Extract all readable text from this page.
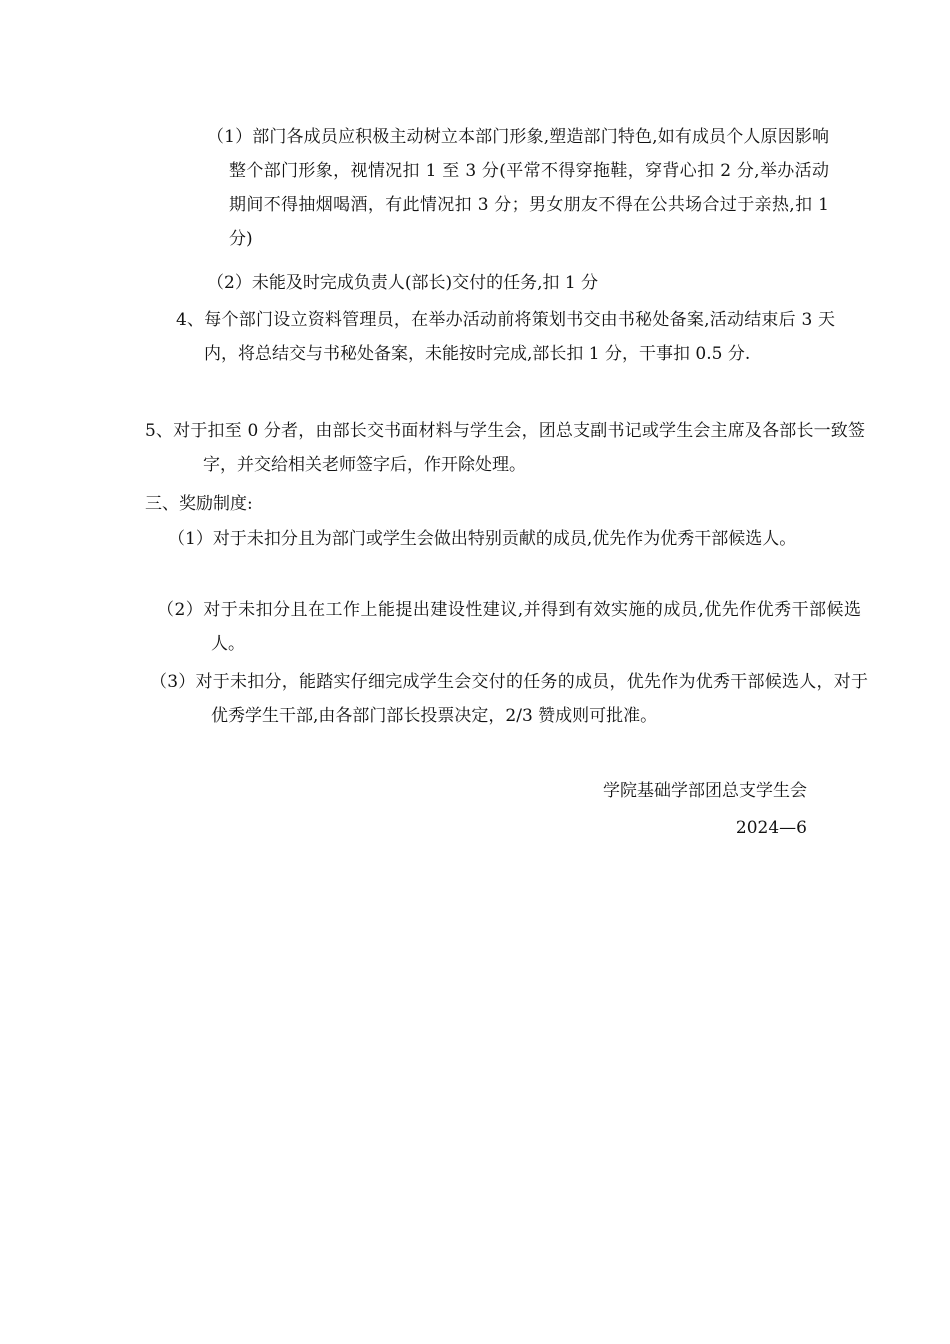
（1）部门各成员应积极主动树立本部门形象,塑造部门特色,如有成员个人原因影响整个部门形象，视情况扣 1 至 3 分(平常不得穿拖鞋，穿背心扣 2 分,举办活动期间不得抽烟喝酒，有此情况扣 3 分；男女朋友不得在公共场合过于亲热,扣 1 分)
（2）未能及时完成负责人(部长)交付的任务,扣 1 分
4、每个部门设立资料管理员，在举办活动前将策划书交由书秘处备案,活动结束后 3 天内，将总结交与书秘处备案，未能按时完成,部长扣 1 分，干事扣 0.5 分.
5、对于扣至 0 分者，由部长交书面材料与学生会，团总支副书记或学生会主席及各部长一致签字，并交给相关老师签字后，作开除处理。
三、奖励制度:
（1）对于未扣分且为部门或学生会做出特别贡献的成员,优先作为优秀干部候选人。
（2）对于未扣分且在工作上能提出建设性建议,并得到有效实施的成员,优先作优秀干部候选人。
（3）对于未扣分，能踏实仔细完成学生会交付的任务的成员，优先作为优秀干部候选人，对于优秀学生干部,由各部门部长投票决定，2/3 赞成则可批准。
学院基础学部团总支学生会
2024—6
